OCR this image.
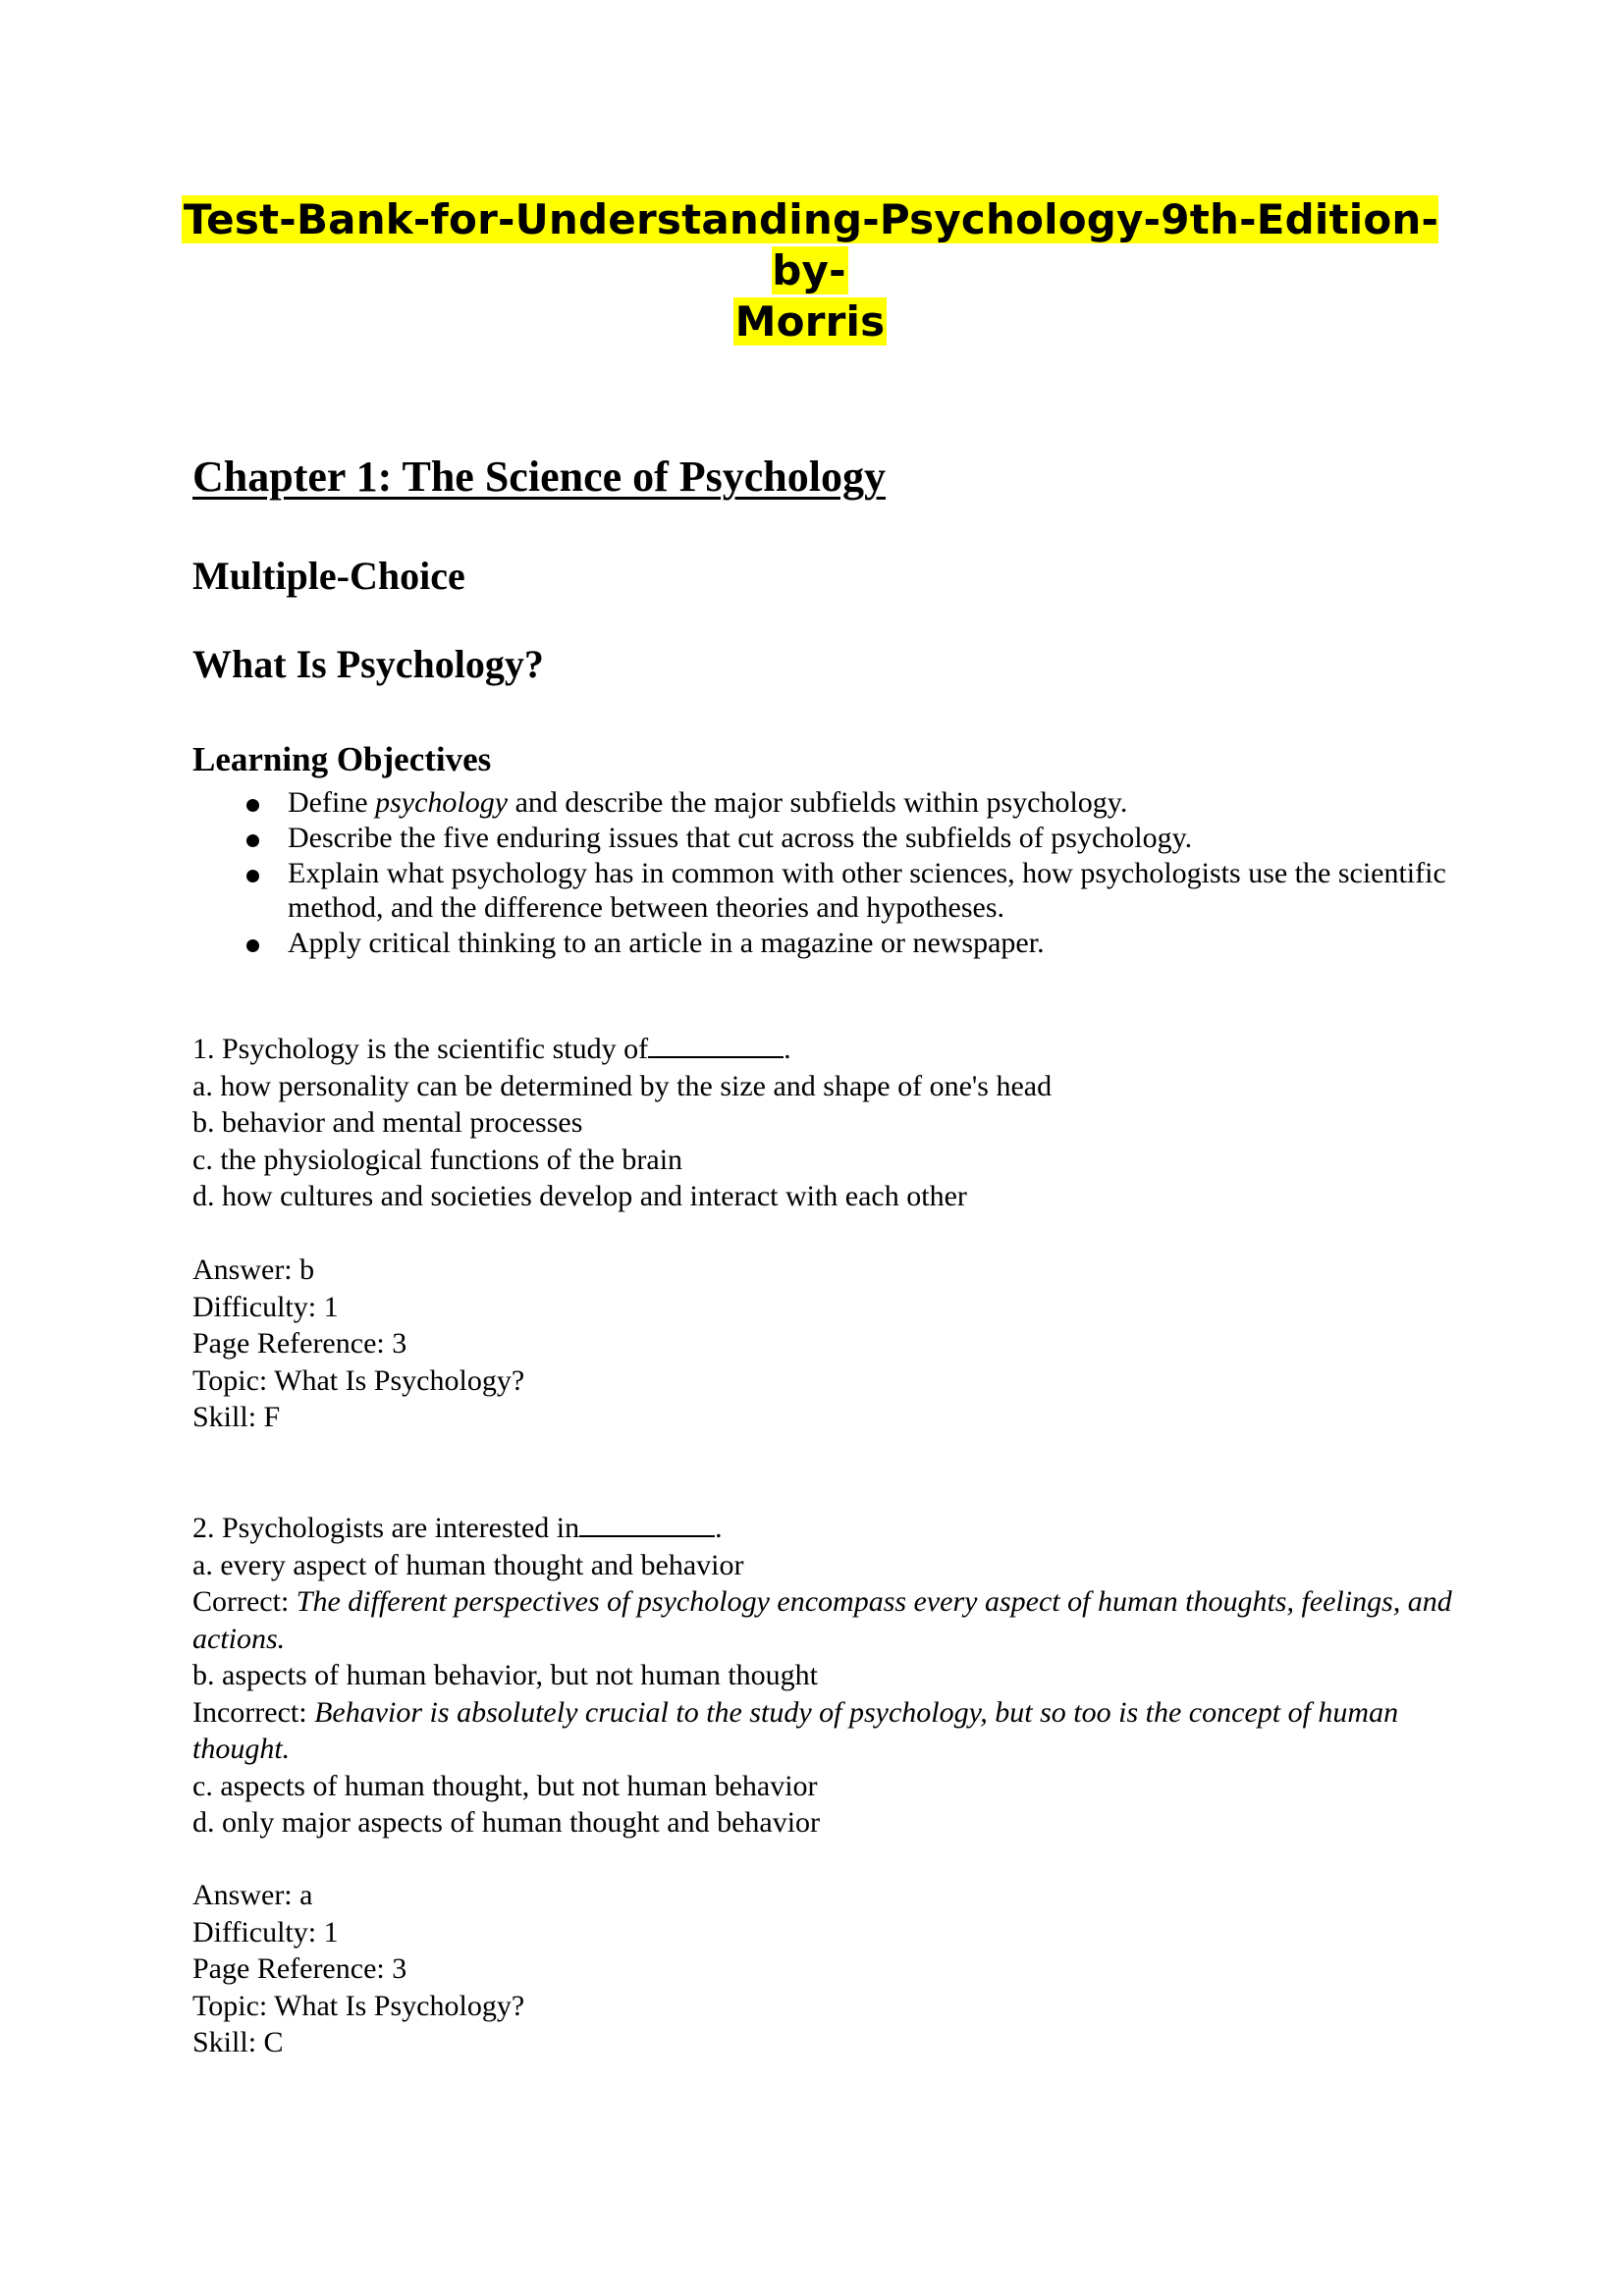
Test-Bank-for-Understanding-Psychology-9th-Edition-by-
Morris
Chapter 1: The Science of Psychology
Multiple-Choice
What Is Psychology?
Learning Objectives
Define psychology and describe the major subfields within psychology.
Describe the five enduring issues that cut across the subfields of psychology.
Explain what psychology has in common with other sciences, how psychologists use the scientific method, and the difference between theories and hypotheses.
Apply critical thinking to an article in a magazine or newspaper.
1. Psychology is the scientific study of	.
a. how personality can be determined by the size and shape of one's head
b. behavior and mental processes
c. the physiological functions of the brain
d. how cultures and societies develop and interact with each other
Answer: b
Difficulty: 1
Page Reference: 3
Topic: What Is Psychology?
Skill: F
2. Psychologists are interested in	.
a. every aspect of human thought and behavior
Correct: The different perspectives of psychology encompass every aspect of human thoughts, feelings, and actions.
b. aspects of human behavior, but not human thought
Incorrect: Behavior is absolutely crucial to the study of psychology, but so too is the concept of human thought.
c. aspects of human thought, but not human behavior
d. only major aspects of human thought and behavior
Answer: a
Difficulty: 1
Page Reference: 3
Topic: What Is Psychology?
Skill: C
